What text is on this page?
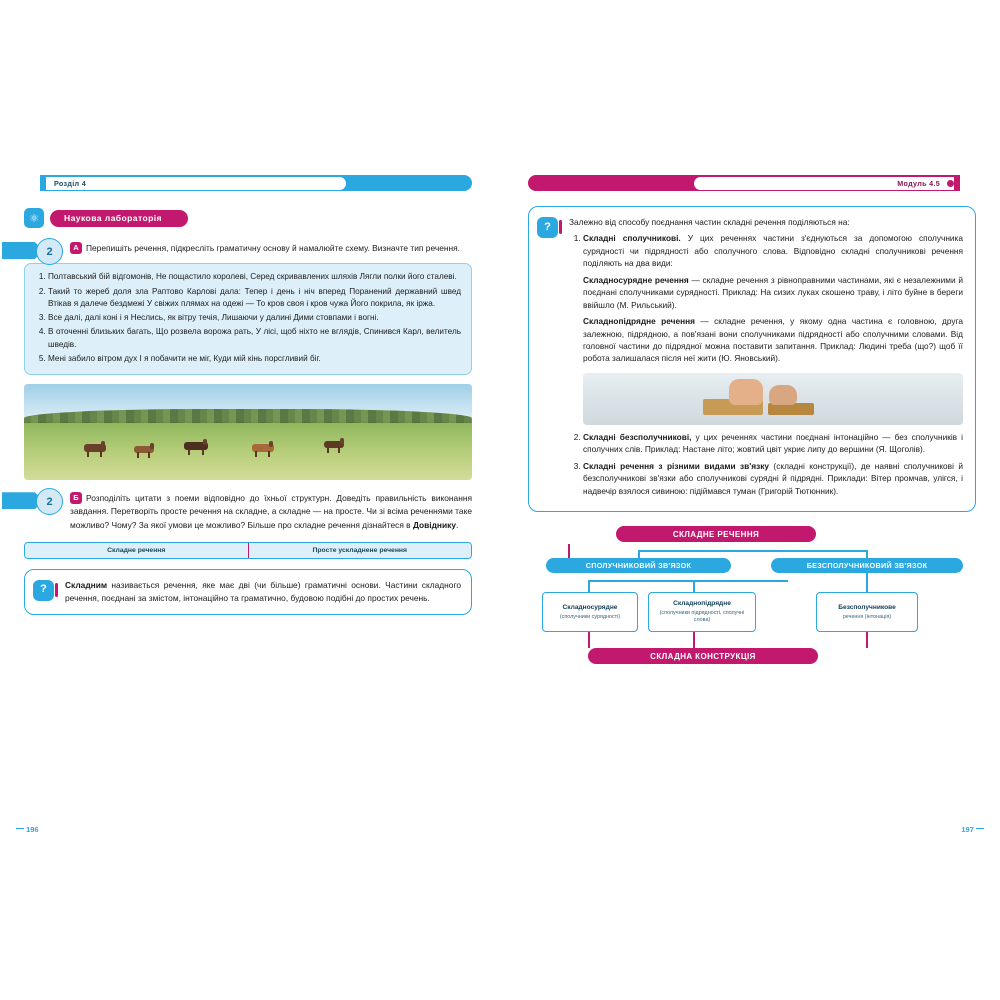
Розділ 4
⚛	Наукова лабораторія
2	А Перепишіть речення, підкресліть граматичну основу й намалюйте схему. Визначте тип речення.
1. Полтавський бій відгомонів, Не пощастило королеві, Серед скривавлених шляхів Лягли полки його сталеві.
2. Такий то жереб доля зла Раптово Карлові дала: Тепер і день і ніч вперед Поранений державний швед Втікав я далече бездмежі У свіжих плямах на одежі — То кров своя і кров чужа Його покрила, як іржа.
3. Все далі, далі коні і я Неслись, як вітру течія, Лишаючи у далині Дими стовпами і вогні.
4. В оточенні близьких багать, Що розвела ворожа рать, У лісі, щоб ніхто не вглядів, Спинився Карл, велитель шведів.
5. Мені забило вітром дух І я побачити не міг, Куди мій кінь порсгливий біг.
2	Б Розподіліть цитати з поеми відповідно до їхньої структурн. Доведіть правильність виконання завдання. Перетворіть просте речення на складне, а складне — на просте. Чи зі всіма реченнями таке можливо? Чому? За якої умови це можливо? Більше про складне речення дізнайтеся в Довіднику.
Складне речення	Просте ускладнене речення
?	Складним називається речення, яке має дві (чи більше) граматичні основи. Частини складного речення, поєднані за змістом, інтонаційно та граматично, будовою подібні до простих речень.
196
Модуль 4.5
?	Залежно від способу поєднання частин складні речення поділяються на:
1. Складні сполучникові. У цих реченнях частини з'єднуються за допомогою сполучника сурядності чи підрядності або сполучного слова. Відповідно складні сполучникові речення поділяють на два види:

Складносурядне речення — складне речення з рівноправними частинами, які є незалежними й поєднані сполучниками сурядності. Приклад: На сизих луках скошено траву, і літо буйне в береги ввійшло (М. Рильський).

Складнопідрядне речення — складне речення, у якому одна частина є головною, друга залежною, підрядною, а пов'язані вони сполучниками підрядності або сполучними словами. Від головної частини до підрядної можна поставити запитання. Приклад: Людині треба (що?) щоб її робота залишалася після неї жити (Ю. Яновський).

2. Складні безсполучникові, у цих реченнях частини поєднані інтонаційно — без сполучників і сполучних слів. Приклад: Настане літо; жовтий цвіт укриє липу до вершини (Я. Щоголів).
3. Складні речення з різними видами зв'язку (складні конструкції), де наявні сполучникові й безсполучникові зв'язки або сполучникові сурядні й підрядні. Приклади: Вітер промчав, улігся, і надвечір взялося сивиною: підіймався туман (Григорій Тютюнник).
СКЛАДНЕ РЕЧЕННЯ
СПОЛУЧНИКОВИЙ ЗВ'ЯЗОК	БЕЗСПОЛУЧНИКОВИЙ ЗВ'ЯЗОК
Складносурядне
(сполучники сурядності)
Складнопідрядне
(сполучники підрядності, сполучні слова)
Безсполучникове
речення (інтонація)
СКЛАДНА КОНСТРУКЦІЯ
197
